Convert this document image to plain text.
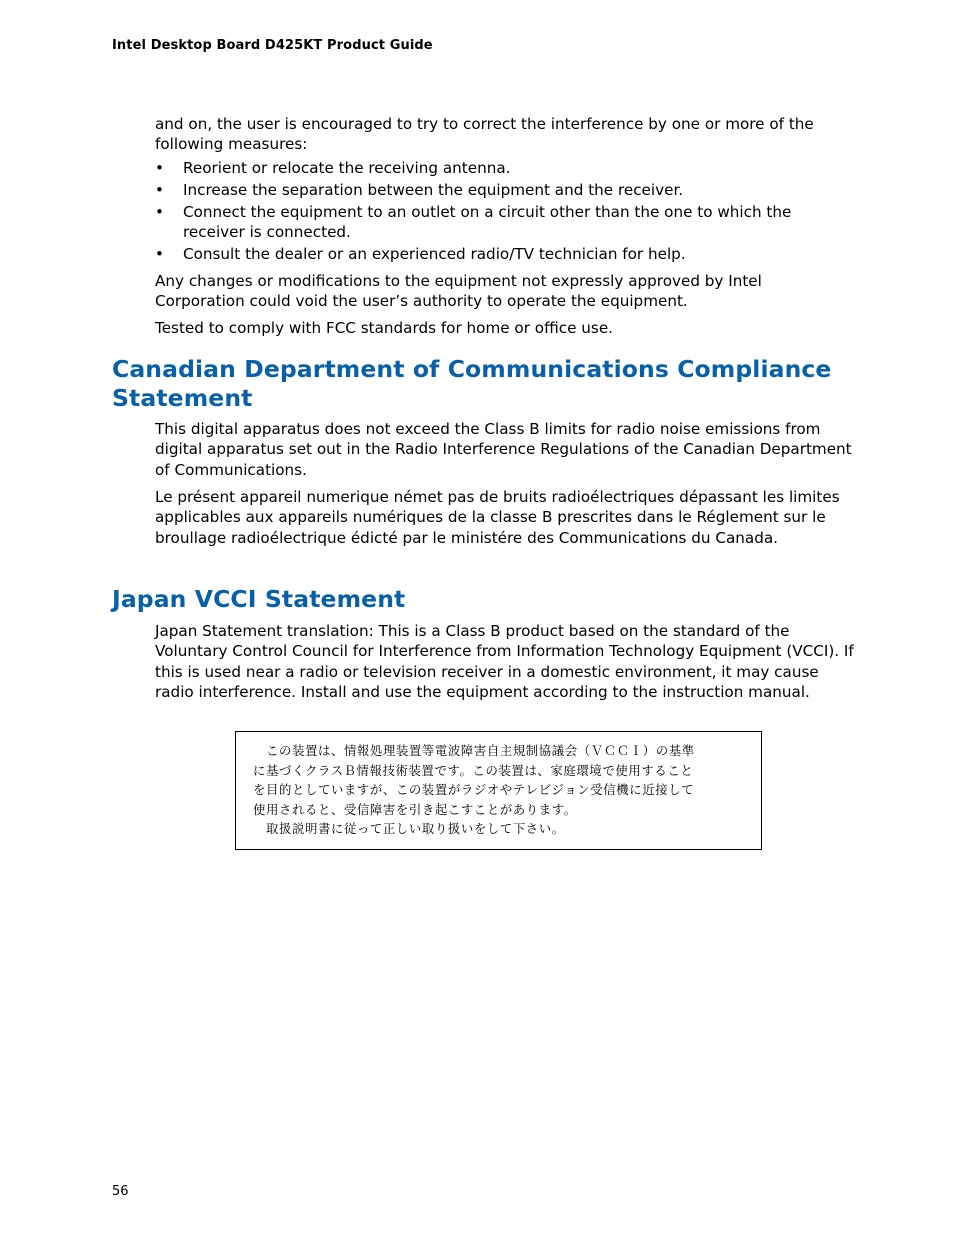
Intel Desktop Board D425KT Product Guide
and on, the user is encouraged to try to correct the interference by one or more of the following measures:
• Reorient or relocate the receiving antenna.
• Increase the separation between the equipment and the receiver.
• Connect the equipment to an outlet on a circuit other than the one to which the receiver is connected.
• Consult the dealer or an experienced radio/TV technician for help.
Any changes or modifications to the equipment not expressly approved by Intel Corporation could void the user’s authority to operate the equipment.
Tested to comply with FCC standards for home or office use.
Canadian Department of Communications Compliance
Statement
This digital apparatus does not exceed the Class B limits for radio noise emissions from digital apparatus set out in the Radio Interference Regulations of the Canadian Department of Communications.
Le présent appareil numerique német pas de bruits radioélectriques dépassant les limites applicables aux appareils numériques de la classe B prescrites dans le Réglement sur le broullage radioélectrique édicté par le ministére des Communications du Canada.
Japan VCCI Statement
Japan Statement translation: This is a Class B product based on the standard of the Voluntary Control Council for Interference from Information Technology Equipment (VCCI). If this is used near a radio or television receiver in a domestic environment, it may cause radio interference. Install and use the equipment according to the instruction manual.
この装置は、情報処理装置等電波障害自主規制協議会（ＶＣＣＩ）の基準
に基づくクラスＢ情報技術装置です。この装置は、家庭環境で使用すること
を目的としていますが、この装置がラジオやテレビジョン受信機に近接して
使用されると、受信障害を引き起こすことがあります。
取扱説明書に従って正しい取り扱いをして下さい。
56
